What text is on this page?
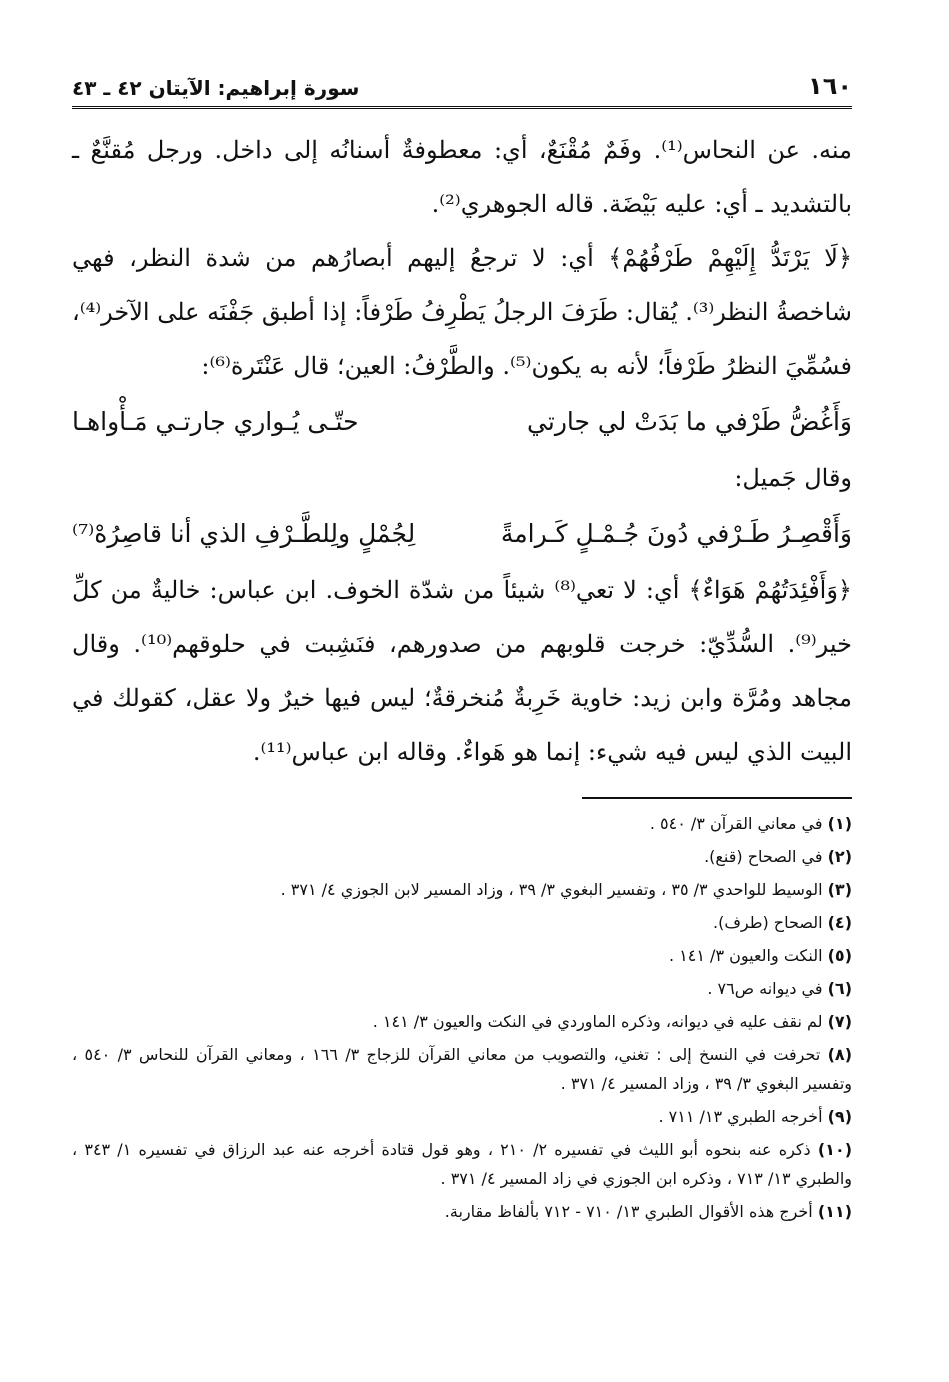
١٦٠
سورة إبراهيم: الآيتان ٤٢ ـ ٤٣

منه. عن النحاس⁽¹⁾. وفَمٌ مُقْنَعٌ، أي: معطوفةٌ أسنانُه إلى داخل. ورجل مُقنَّعٌ ـ بالتشديد ـ أي: عليه بَيْضَة. قاله الجوهري⁽²⁾.

﴿لَا يَرْتَدُّ إِلَيْهِمْ طَرْفُهُمْ﴾ أي: لا ترجعُ إليهم أبصارُهم من شدة النظر، فهي شاخصةُ النظر⁽³⁾. يُقال: طَرَفَ الرجلُ يَطْرِفُ طَرْفاً: إذا أطبق جَفْنَه على الآخر⁽⁴⁾، فسُمِّيَ النظرُ طَرْفاً؛ لأنه به يكون⁽⁵⁾. والطَّرْفُ: العين؛ قال عَنْتَرة⁽⁶⁾:

وَأَغُضُّ طَرْفي ما بَدَتْ لي جارتي
حتّـى يُـواري جارتـي مَـأْواهـا

وقال جَميل:

وَأَقْصِـرُ طَـرْفي دُونَ جُـمْـلٍ كَـرامةً
لِجُمْلٍ ولِلطَّـرْفِ الذي أنا قاصِرُهْ⁽⁷⁾

﴿وَأَفْئِدَتُهُمْ هَوَاءٌ﴾ أي: لا تعي⁽⁸⁾ شيئاً من شدّة الخوف. ابن عباس: خاليةٌ من كلِّ خير⁽⁹⁾. السُّدِّيّ: خرجت قلوبهم من صدورهم، فنَشِبت في حلوقهم⁽¹⁰⁾. وقال مجاهد ومُرَّة وابن زيد: خاوية خَرِبةٌ مُنخرقةٌ؛ ليس فيها خيرٌ ولا عقل، كقولك في البيت الذي ليس فيه شيء: إنما هو هَواءٌ. وقاله ابن عباس⁽¹¹⁾.

(١) في معاني القرآن ٣/ ٥٤٠ .
(٢) في الصحاح (قنع).
(٣) الوسيط للواحدي ٣/ ٣٥ ، وتفسير البغوي ٣/ ٣٩ ، وزاد المسير لابن الجوزي ٤/ ٣٧١ .
(٤) الصحاح (طرف).
(٥) النكت والعيون ٣/ ١٤١ .
(٦) في ديوانه ص٧٦ .
(٧) لم نقف عليه في ديوانه، وذكره الماوردي في النكت والعيون ٣/ ١٤١ .
(٨) تحرفت في النسخ إلى : تغني، والتصويب من معاني القرآن للزجاج ٣/ ١٦٦ ، ومعاني القرآن للنحاس ٣/ ٥٤٠ ، وتفسير البغوي ٣/ ٣٩ ، وزاد المسير ٤/ ٣٧١ .
(٩) أخرجه الطبري ١٣/ ٧١١ .
(١٠) ذكره عنه بنحوه أبو الليث في تفسيره ٢/ ٢١٠ ، وهو قول قتادة أخرجه عنه عبد الرزاق في تفسيره ١/ ٣٤٣ ، والطبري ١٣/ ٧١٣ ، وذكره ابن الجوزي في زاد المسير ٤/ ٣٧١ .
(١١) أخرج هذه الأقوال الطبري ١٣/ ٧١٠ - ٧١٢ بألفاظ مقاربة.
